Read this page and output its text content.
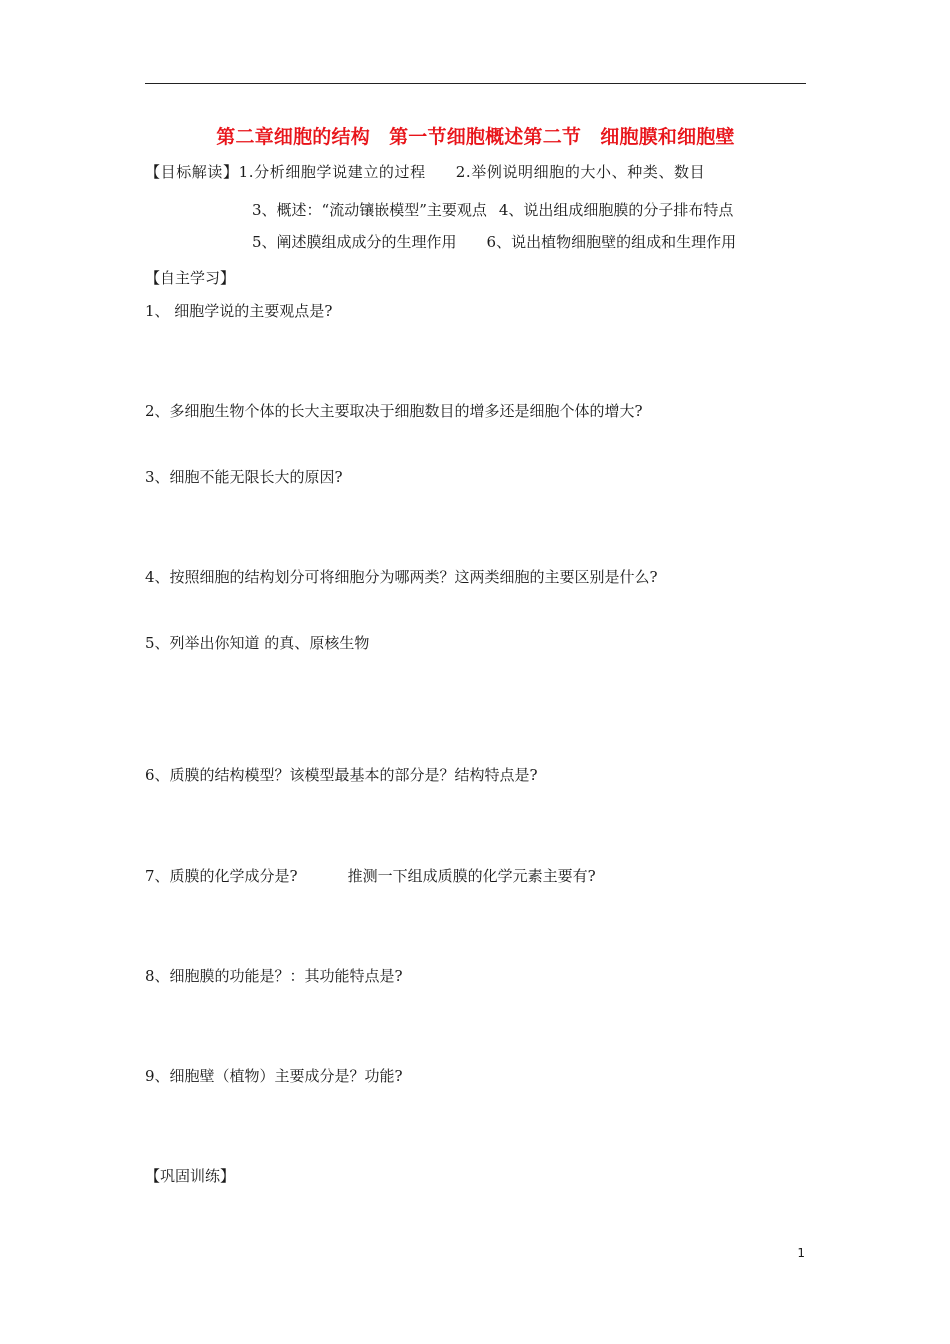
第二章细胞的结构　第一节细胞概述第二节　细胞膜和细胞壁
【目标解读】1.分析细胞学说建立的过程 2.举例说明细胞的大小、种类、数目
3、概述：“流动镶嵌模型”主要观点 4、说出组成细胞膜的分子排布特点
5、阐述膜组成成分的生理作用 6、说出植物细胞壁的组成和生理作用
【自主学习】
1、 细胞学说的主要观点是?
2、多细胞生物个体的长大主要取决于细胞数目的增多还是细胞个体的增大?
3、细胞不能无限长大的原因?
4、按照细胞的结构划分可将细胞分为哪两类？这两类细胞的主要区别是什么?
5、列举出你知道 的真、原核生物
6、质膜的结构模型？该模型最基本的部分是？结构特点是?
7、质膜的化学成分是?	推测一下组成质膜的化学元素主要有?
8、细胞膜的功能是？：其功能特点是?
9、细胞壁（植物）主要成分是？功能?
【巩固训练】
1
